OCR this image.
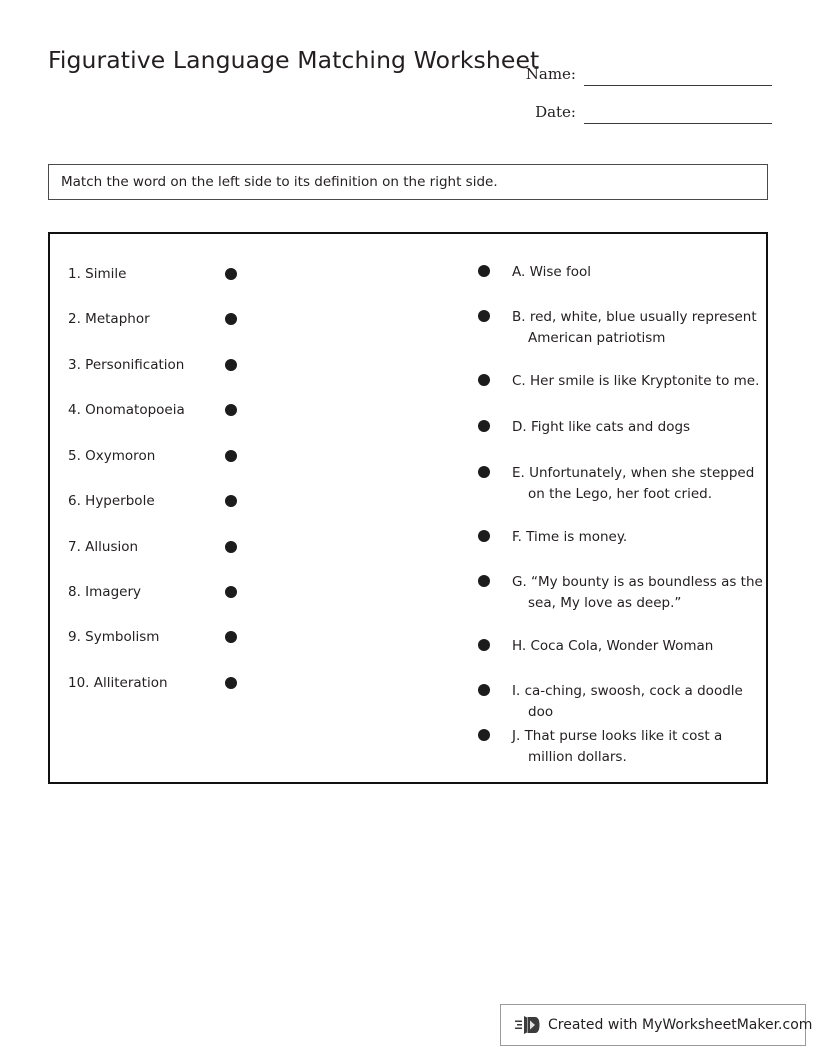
Figurative Language Matching Worksheet
Name:
Date:
Match the word on the left side to its definition on the right side.
1. Simile
2. Metaphor
3. Personification
4. Onomatopoeia
5. Oxymoron
6. Hyperbole
7. Allusion
8. Imagery
9. Symbolism
10. Alliteration
A. Wise fool
B. red, white, blue usually represent American patriotism
C. Her smile is like Kryptonite to me.
D. Fight like cats and dogs
E. Unfortunately, when she stepped on the Lego, her foot cried.
F. Time is money.
G. “My bounty is as boundless as the sea, My love as deep.”
H. Coca Cola, Wonder Woman
I. ca-ching, swoosh, cock a doodle doo
J. That purse looks like it cost a million dollars.
Created with MyWorksheetMaker.com
